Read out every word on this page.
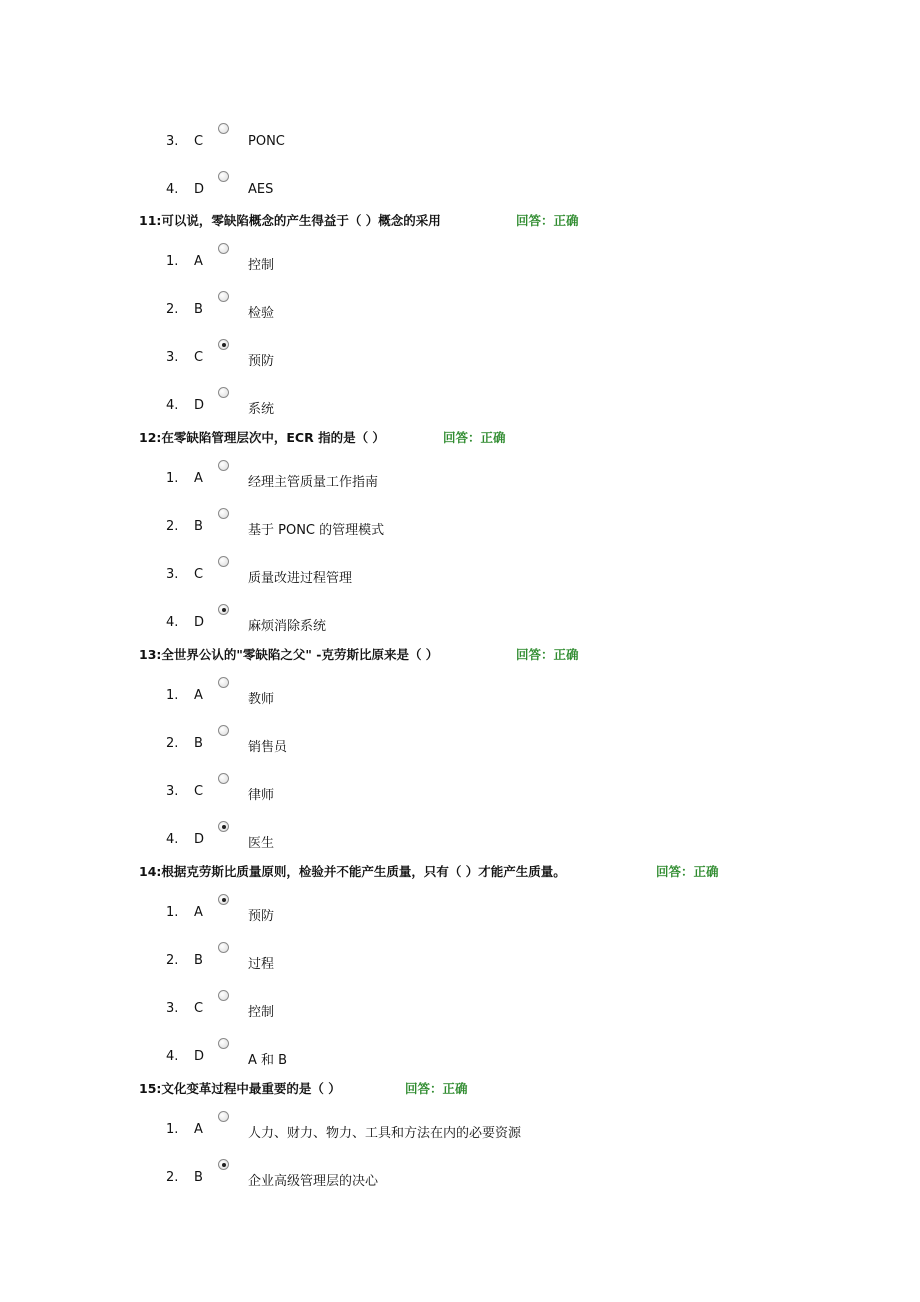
3. C	PONC
4. D	AES
11:可以说，零缺陷概念的产生得益于（ ）概念的采用	回答：正确
1. A	控制
2. B	检验
3. C	预防
4. D	系统
12:在零缺陷管理层次中，ECR 指的是（ ）	回答：正确
1. A	经理主管质量工作指南
2. B	基于 PONC 的管理模式
3. C	质量改进过程管理
4. D	麻烦消除系统
13:全世界公认的"零缺陷之父" -克劳斯比原来是（ ）	回答：正确
1. A	教师
2. B	销售员
3. C	律师
4. D	医生
14:根据克劳斯比质量原则，检验并不能产生质量，只有（ ）才能产生质量。	回答：正确
1. A	预防
2. B	过程
3. C	控制
4. D	A 和 B
15:文化变革过程中最重要的是（ ）	回答：正确
1. A	人力、财力、物力、工具和方法在内的必要资源
2. B	企业高级管理层的决心
